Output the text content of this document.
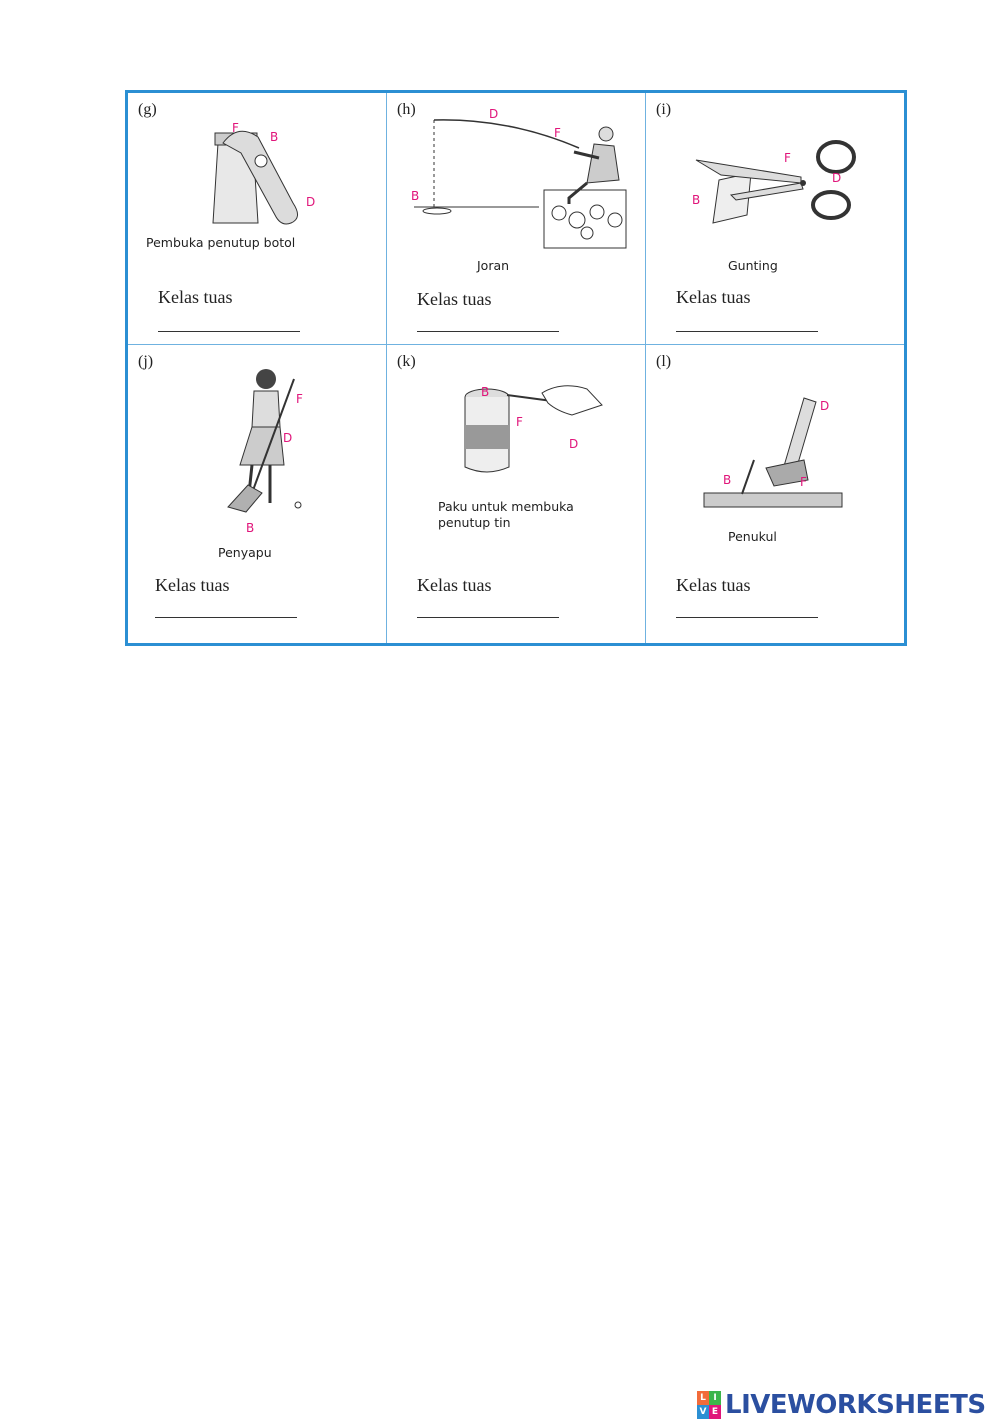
(g)
F
B
D
Pembuka penutup botol
Kelas tuas
(h)	D
F
B
Joran
Kelas tuas
(i)
F
D
B
Gunting
Kelas tuas
(j)
F
D
B
Penyapu
Kelas tuas
(k)
B
F
D
Paku untuk membuka
penutup tin
Kelas tuas
(l)
D
B	F
Penukul
Kelas tuas
L I
V E LIVEWORKSHEETS
